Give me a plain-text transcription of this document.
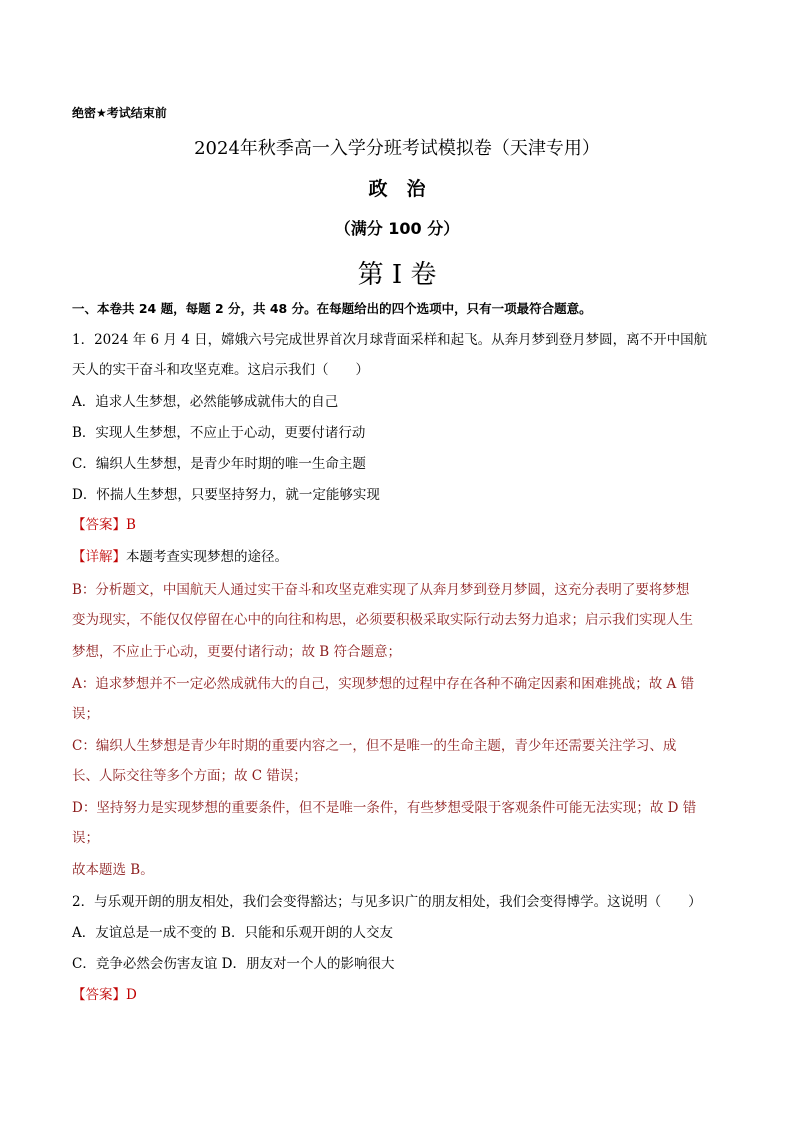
绝密★考试结束前
2024年秋季高一入学分班考试模拟卷（天津专用）
政　治
（满分 100 分）
第 I 卷
一、本卷共 24 题，每题 2 分，共 48 分。在每题给出的四个选项中，只有一项最符合题意。
1．2024 年 6 月 4 日，嫦娥六号完成世界首次月球背面采样和起飞。从奔月梦到登月梦圆，离不开中国航
天人的实干奋斗和攻坚克难。这启示我们（　　）
A．追求人生梦想，必然能够成就伟大的自己
B．实现人生梦想，不应止于心动，更要付诸行动
C．编织人生梦想，是青少年时期的唯一生命主题
D．怀揣人生梦想，只要坚持努力，就一定能够实现
【答案】B
【详解】本题考查实现梦想的途径。
B：分析题文，中国航天人通过实干奋斗和攻坚克难实现了从奔月梦到登月梦圆，这充分表明了要将梦想
变为现实，不能仅仅停留在心中的向往和构思，必须要积极采取实际行动去努力追求；启示我们实现人生
梦想，不应止于心动，更要付诸行动；故 B 符合题意；
A：追求梦想并不一定必然成就伟大的自己，实现梦想的过程中存在各种不确定因素和困难挑战；故 A 错
误；
C：编织人生梦想是青少年时期的重要内容之一，但不是唯一的生命主题，青少年还需要关注学习、成
长、人际交往等多个方面；故 C 错误；
D：坚持努力是实现梦想的重要条件，但不是唯一条件，有些梦想受限于客观条件可能无法实现；故 D 错
误；
故本题选 B。
2．与乐观开朗的朋友相处，我们会变得豁达；与见多识广的朋友相处，我们会变得博学。这说明（　　）
A．友谊总是一成不变的 B．只能和乐观开朗的人交友
C．竞争必然会伤害友谊 D．朋友对一个人的影响很大
【答案】D
